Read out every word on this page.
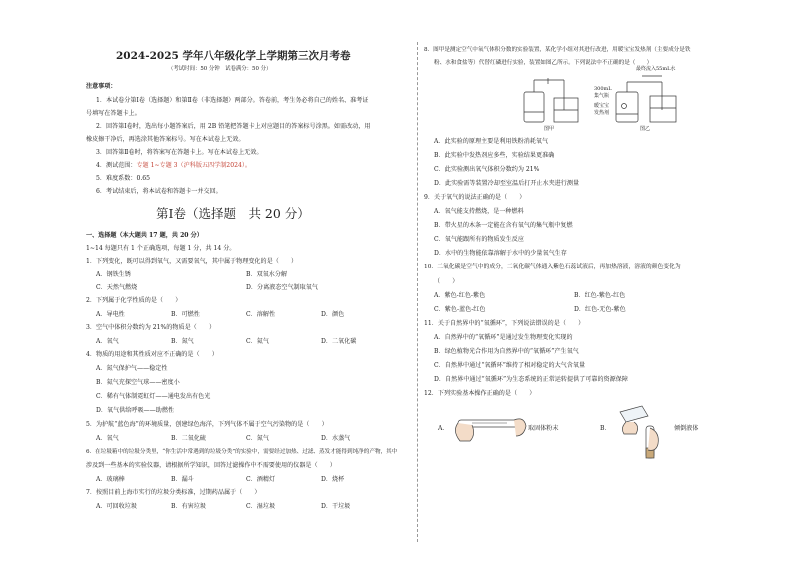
2024-2025 学年八年级化学上学期第三次月考卷
（考试时间：50 分钟　试卷满分：50 分）
注意事项：
1．本试卷分第Ⅰ卷（选择题）和第Ⅱ卷（非选择题）两部分。答卷前，考生务必将自己的姓名、准考证
号填写在答题卡上。
2．回答第Ⅰ卷时，选出每小题答案后，用 2B 铅笔把答题卡上对应题目的答案标号涂黑。如需改动，用
橡皮擦干净后，再选涂其他答案标号。写在本试卷上无效。
3．回答第Ⅱ卷时，将答案写在答题卡上。写在本试卷上无效。
4．测试范围：专题 1~专题 3（沪科版五四学制2024）。
5．难度系数：0.65
6．考试结束后，将本试卷和答题卡一并交回。
第Ⅰ卷（选择题　共 20 分）
一、选择题（本大题共 17 题，共 20 分）
1~14 每题只有 1 个正确选项，每题 1 分，共 14 分。
1．下列变化，既可以得到氧气，又需要氧气，其中属于物理变化的是（　　）
A．钢铁生锈	B．双氧水分解
C．天然气燃烧	D．分离液态空气制取氧气
2．下列属于化学性质的是（　　）
A．导电性	B．可燃性	C．溶解性	D．颜色
3．空气中体积分数约为 21%的物质是（　　）
A．氧气	B．氮气	C．氦气	D．二氧化碳
4．物质的用途和其性质对应不正确的是（　　）
A．氮气保护气——稳定性
B．氦气充探空气球——密度小
C．稀有气体制霓虹灯——通电发出有色光
D．氧气供给呼吸——助燃性
5．为护航“蓝色海”的环境质量，创建绿色海洋，下列气体不属于空气污染物的是（　　）
A．氧气	B．二氧化硫	C．氮气	D．水蒸气
6．在垃圾箱中的垃圾分类里，“你生活中常遇到的垃圾分类”的实验中，需要经过加热、过滤、蒸发才能得到纯净的产物，其中
涉及到一些基本的实验仪器，请根据所学知识，回答过滤操作中不需要使用的仪器是（　　）
A．玻璃棒	B．漏斗	C．酒精灯	D．烧杯
7．按照目前上海市实行的垃圾分类标准，过期药品属于（　　）
A．可回收垃圾	B．有害垃圾	C．湿垃圾	D．干垃圾
8．图甲是测定空气中氧气体积分数的实验装置，某化学小组对其进行改进，用暖宝宝发热剂（主要成分是铁
粉、水和食盐等）代替红磷进行实验，装置如图乙所示。下列说法中不正确的是（　　）
最终流入55mL水
300mL
集气瓶
暖宝宝
发热剂
图甲	图乙
A．此实验的原理主要是利用铁粉消耗氧气
B．此实验中发热剂应多些，实验结果更准确
C．此实验测出氧气体积分数约为 21%
D．此实验需等装置冷却至室温后打开止水夹进行测量
9．关于氧气的说法正确的是（　　）
A．氧气能支持燃烧，是一种燃料
B．带火星的木条一定能在含有氧气的集气瓶中复燃
C．氧气能跟所有的物质发生反应
D．水中的生物能依靠溶解于水中的少量氧气生存
10．二氧化碳是空气中的成分，二氧化碳气体通入紫色石蕊试液后，再加热溶液，溶液的颜色变化为
（　　）
A．紫色-红色-紫色	B．红色-紫色-红色
C．紫色-蓝色-红色	D．红色-无色-紫色
11．关于自然界中的“氧循环”，下列说法错误的是（　　）
A．自然界中的“氧循环”是通过发生物理变化实现的
B．绿色植物光合作用为自然界中的“氧循环”产生氧气
C．自然界中通过“氧循环”维持了相对稳定的大气含氧量
D．自然界中通过“氧循环”为生态系统的正常运转提供了可靠的资源保障
12．下列实验基本操作正确的是（　　）
A．	取固体粉末	B．	倾倒液体
